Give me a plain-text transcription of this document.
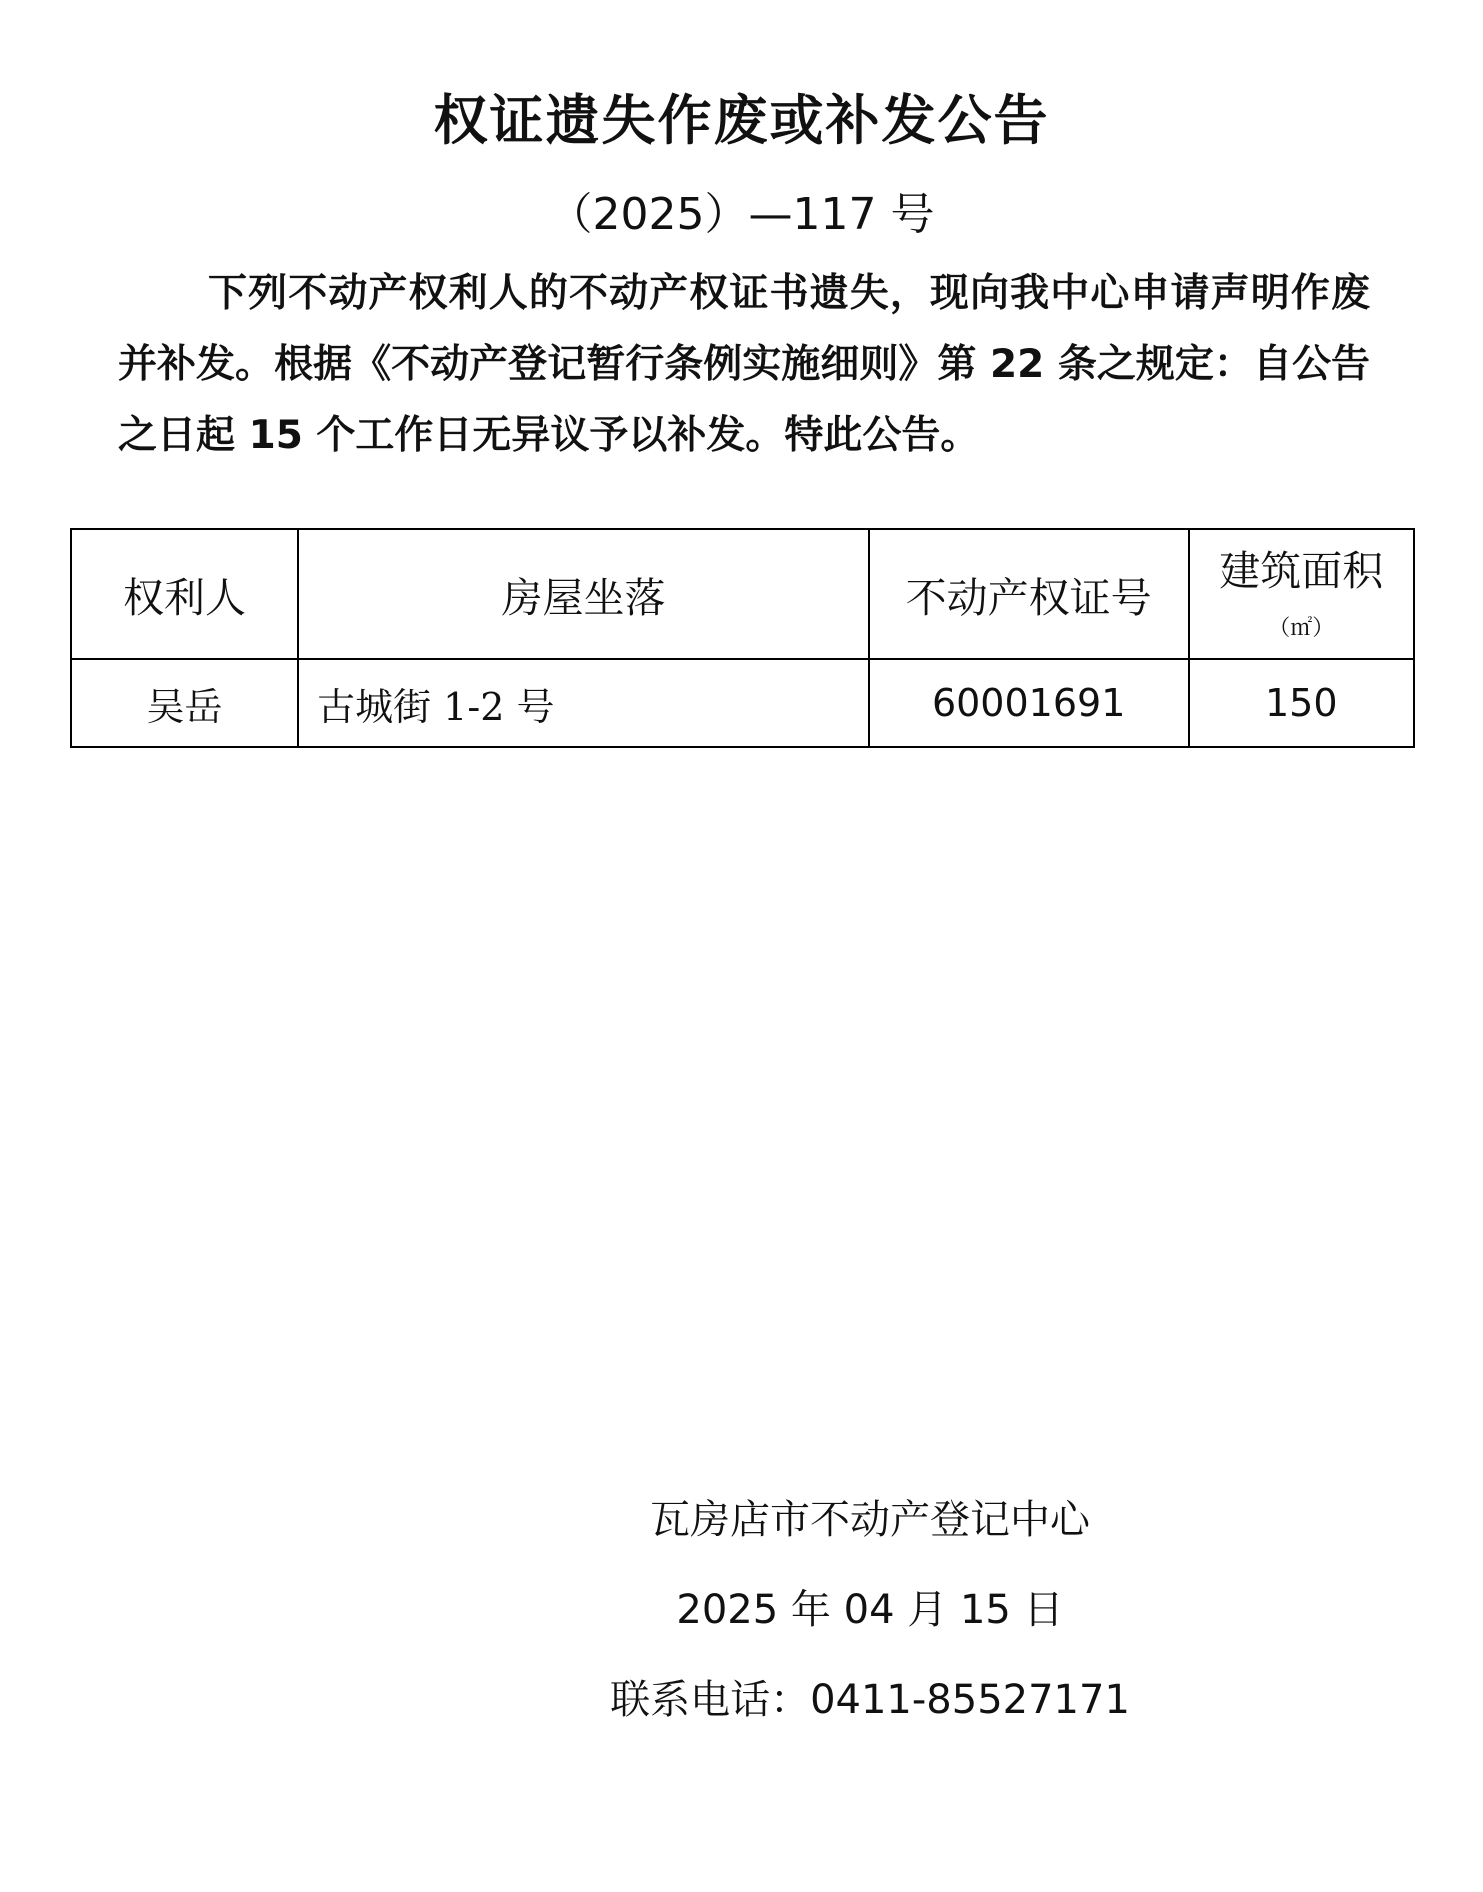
权证遗失作废或补发公告
（2025）—117 号
下列不动产权利人的不动产权证书遗失，现向我中心申请声明作废并补发。根据《不动产登记暂行条例实施细则》第 22 条之规定：自公告之日起 15 个工作日无异议予以补发。特此公告。
权利人	房屋坐落	不动产权证号	建筑面积
（㎡）

吴岳	古城街 1-2 号	60001691	150
瓦房店市不动产登记中心
2025 年 04 月 15 日
联系电话：0411-85527171
